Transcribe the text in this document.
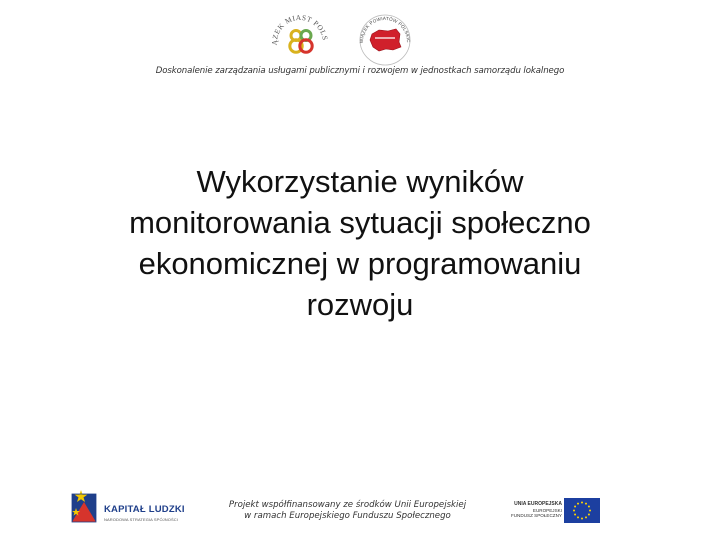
ĄZEK MIAST POLS	WIĄZEK POWIATÓW POLSKIC
Doskonalenie zarządzania usługami publicznymi i rozwojem w jednostkach samorządu lokalnego
Wykorzystanie wyników
monitorowania sytuacji społeczno
ekonomicznej w programowaniu
rozwoju
KAPITAŁ LUDZKI
NARODOWA STRATEGIA SPÓJNOŚCI
Projekt współfinansowany ze środków Unii Europejskiej
w ramach Europejskiego Funduszu Społecznego
UNIA EUROPEJSKA
EUROPEJSKI
FUNDUSZ SPOŁECZNY
